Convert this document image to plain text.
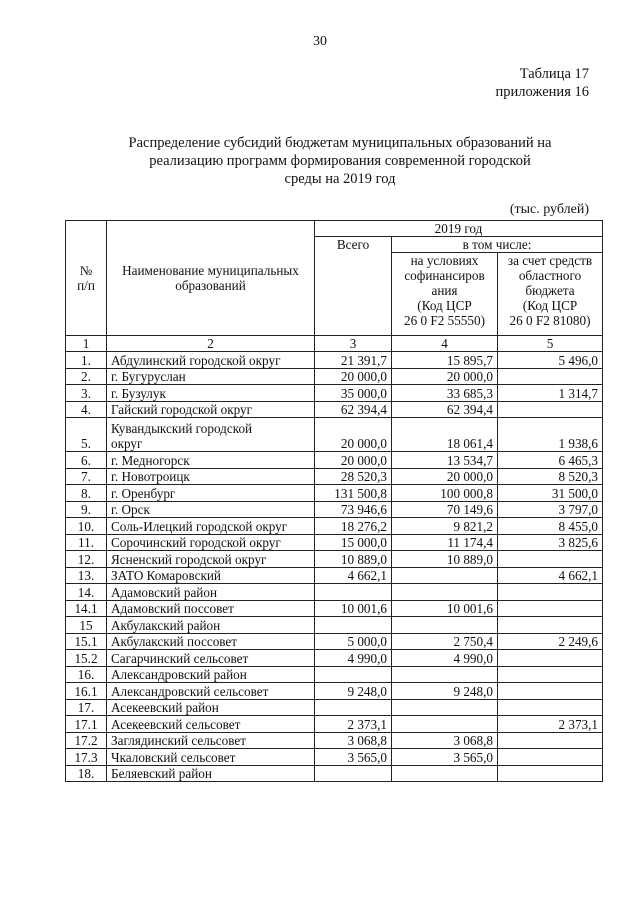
30
Таблица 17
приложения 16
Распределение субсидий бюджетам муниципальных образований на
реализацию программ формирования современной городской
среды на 2019 год
(тыс. рублей)
№
п/п	Наименование муниципальных
образований	2019 год		
		Всего	в том числе:	
			на условиях
софинансиров
ания
(Код ЦСР
26 0 F2 55550)	за счет средств
областного
бюджета
(Код ЦСР
26 0 F2 81080)
1	2	3	4	5
1.	Абдулинский городской округ	21 391,7	15 895,7	5 496,0
2.	г. Бугуруслан	20 000,0	20 000,0	
3.	г. Бузулук	35 000,0	33 685,3	1 314,7
4.	Гайский городской округ	62 394,4	62 394,4	
5.	Кувандыкский городской
округ	20 000,0	18 061,4	1 938,6
6.	г. Медногорск	20 000,0	13 534,7	6 465,3
7.	г. Новотроицк	28 520,3	20 000,0	8 520,3
8.	г. Оренбург	131 500,8	100 000,8	31 500,0
9.	г. Орск	73 946,6	70 149,6	3 797,0
10.	Соль-Илецкий городской округ	18 276,2	9 821,2	8 455,0
11.	Сорочинский городской округ	15 000,0	11 174,4	3 825,6
12.	Ясненский городской округ	10 889,0	10 889,0	
13.	ЗАТО Комаровский	4 662,1		4 662,1
14.	Адамовский район			
14.1	Адамовский поссовет	10 001,6	10 001,6	
15	Акбулакский район			
15.1	Акбулакский поссовет	5 000,0	2 750,4	2 249,6
15.2	Сагарчинский сельсовет	4 990,0	4 990,0	
16.	Александровский район			
16.1	Александровский сельсовет	9 248,0	9 248,0	
17.	Асекеевский район			
17.1	Асекеевский сельсовет	2 373,1		2 373,1
17.2	Заглядинский сельсовет	3 068,8	3 068,8	
17.3	Чкаловский сельсовет	3 565,0	3 565,0	
18.	Беляевский район			
